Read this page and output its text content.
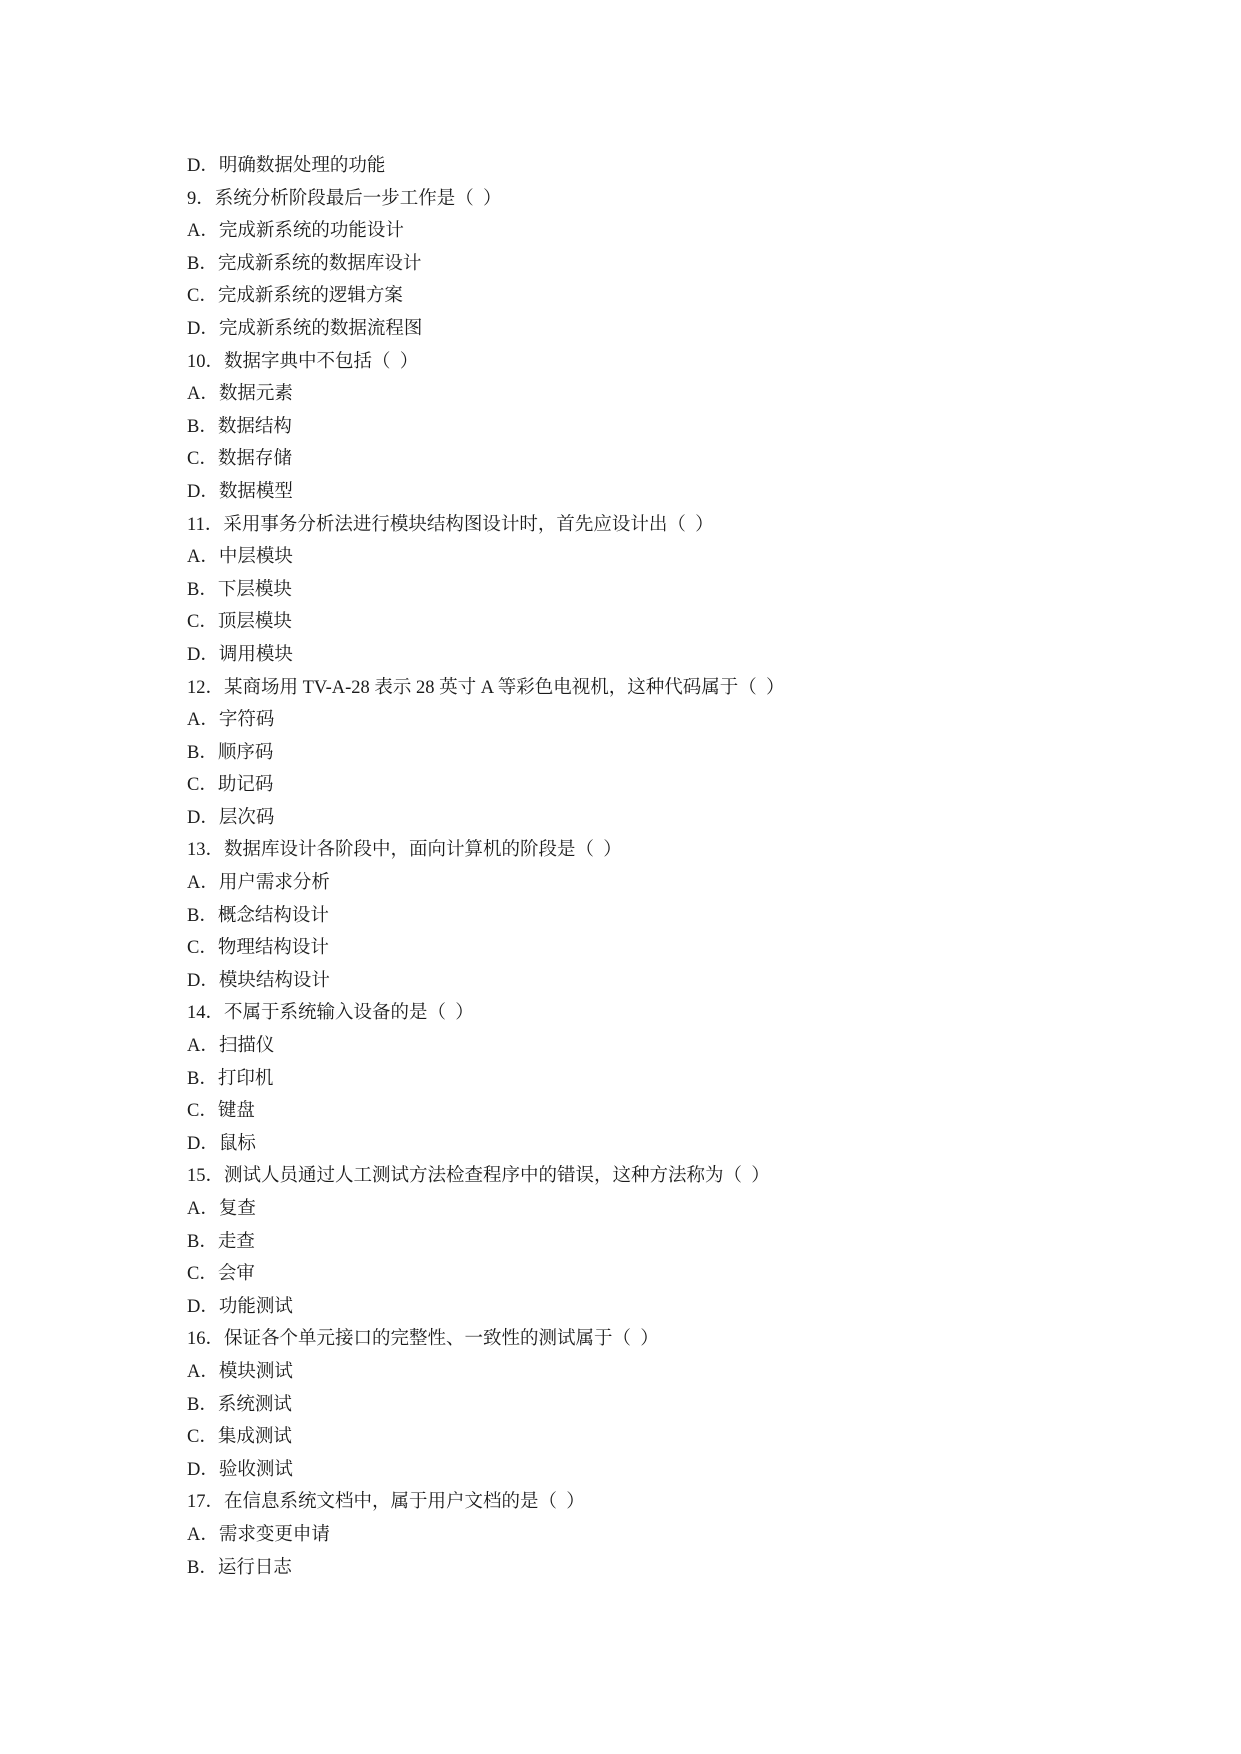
D．明确数据处理的功能
9．系统分析阶段最后一步工作是（  ）
A．完成新系统的功能设计
B．完成新系统的数据库设计
C．完成新系统的逻辑方案
D．完成新系统的数据流程图
10．数据字典中不包括（  ）
A．数据元素
B．数据结构
C．数据存储
D．数据模型
11．采用事务分析法进行模块结构图设计时，首先应设计出（  ）
A．中层模块
B．下层模块
C．顶层模块
D．调用模块
12．某商场用 TV-A-28 表示 28 英寸 A 等彩色电视机，这种代码属于（  ）
A．字符码
B．顺序码
C．助记码
D．层次码
13．数据库设计各阶段中，面向计算机的阶段是（  ）
A．用户需求分析
B．概念结构设计
C．物理结构设计
D．模块结构设计
14．不属于系统输入设备的是（  ）
A．扫描仪
B．打印机
C．键盘
D．鼠标
15．测试人员通过人工测试方法检查程序中的错误，这种方法称为（  ）
A．复查
B．走查
C．会审
D．功能测试
16．保证各个单元接口的完整性、一致性的测试属于（  ）
A．模块测试
B．系统测试
C．集成测试
D．验收测试
17．在信息系统文档中，属于用户文档的是（  ）
A．需求变更申请
B．运行日志
